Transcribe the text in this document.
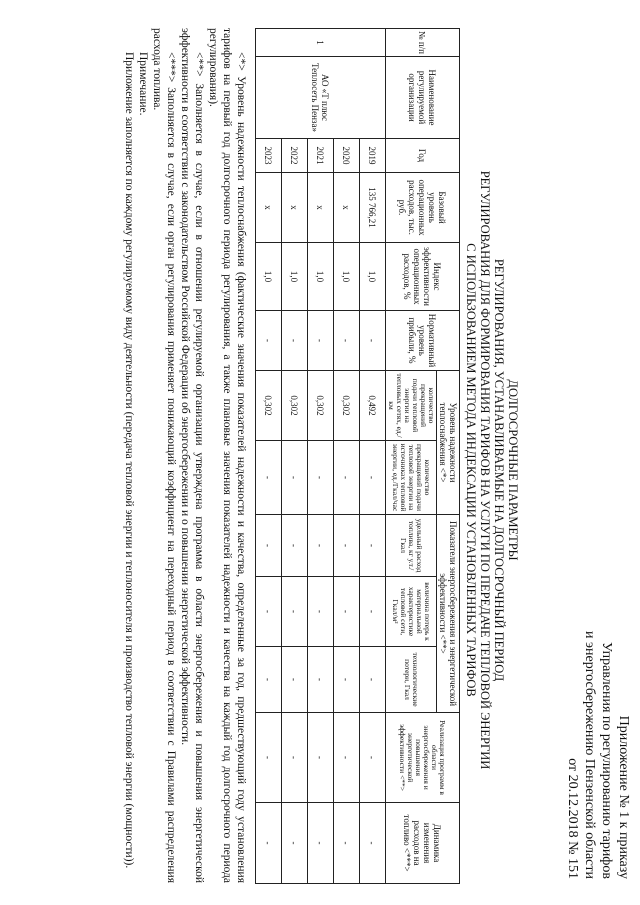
Приложение № 1 к приказу
Управления по регулированию тарифов
и энергосбережению Пензенской области
от 20.12.2018 № 151
ДОЛГОСРОЧНЫЕ ПАРАМЕТРЫ
РЕГУЛИРОВАНИЯ, УСТАНАВЛИВАЕМЫЕ НА ДОЛГОСРОЧНЫЙ ПЕРИОД
РЕГУЛИРОВАНИЯ ДЛЯ ФОРМИРОВАНИЯ ТАРИФОВ НА УСЛУГИ ПО ПЕРЕДАЧЕ ТЕПЛОВОЙ ЭНЕРГИИ
С ИСПОЛЬЗОВАНИЕМ МЕТОДА ИНДЕКСАЦИИ УСТАНОВЛЕННЫХ ТАРИФОВ
№ п/п	Наименование регулируемой организации	Год	Базовый уровень операционных расходов, тыс. руб.	Индекс эффективности операционных расходов, %	Нормативный уровень прибыли, %	Уровень надежности теплоснабжения <*>		Показатели энергосбережения и энергетической эффективности <**>			Реализация программ в области энергосбережения и повышения энергетической эффективности <**>	Динамика изменения расходов на топливо <***>
						количество прекращений подачи тепловой энергии на тепловых сетях, ед./км	количество прекращений подачи тепловой энергии на источниках тепловой энергии, ед./Гкал/час	удельный расход топлива, кг у.т./Гкал	величина потерь к материальной характеристике тепловой сети, Гкал/м²	технологические потери, Гкал		
1	АО «Т плюс Теплосеть Пенза»	2019	135 766,21	1,0	-	0,492	-	-	-	-	-	-
		2020	x	1,0	-	0,302	-	-	-	-	-	-
		2021	x	1,0	-	0,302	-	-	-	-	-	-
		2022	x	1,0	-	0,302	-	-	-	-	-	-
		2023	x	1,0	-	0,302	-	-	-	-	-	-

<*> Уровень надежности теплоснабжения (фактические значения показателей надежности и качества, определенные за год, предшествующий году установления тарифов на первый год долгосрочного периода регулирования, а также плановые значения показателей надежности и качества на каждый год долгосрочного периода регулирования).

<**> Заполняется в случае, если в отношении регулируемой организации утверждена программа в области энергосбережения и повышения энергетической эффективности в соответствии с законодательством Российской Федерации об энергосбережении и о повышении энергетической эффективности.

<***> Заполняется в случае, если орган регулирования применяет понижающий коэффициент на переходный период в соответствии с Правилами распределения расхода топлива.

Примечание.

Приложение заполняется по каждому регулируемому виду деятельности (передача тепловой энергии и теплоносителя и производство тепловой энергии (мощности)).
